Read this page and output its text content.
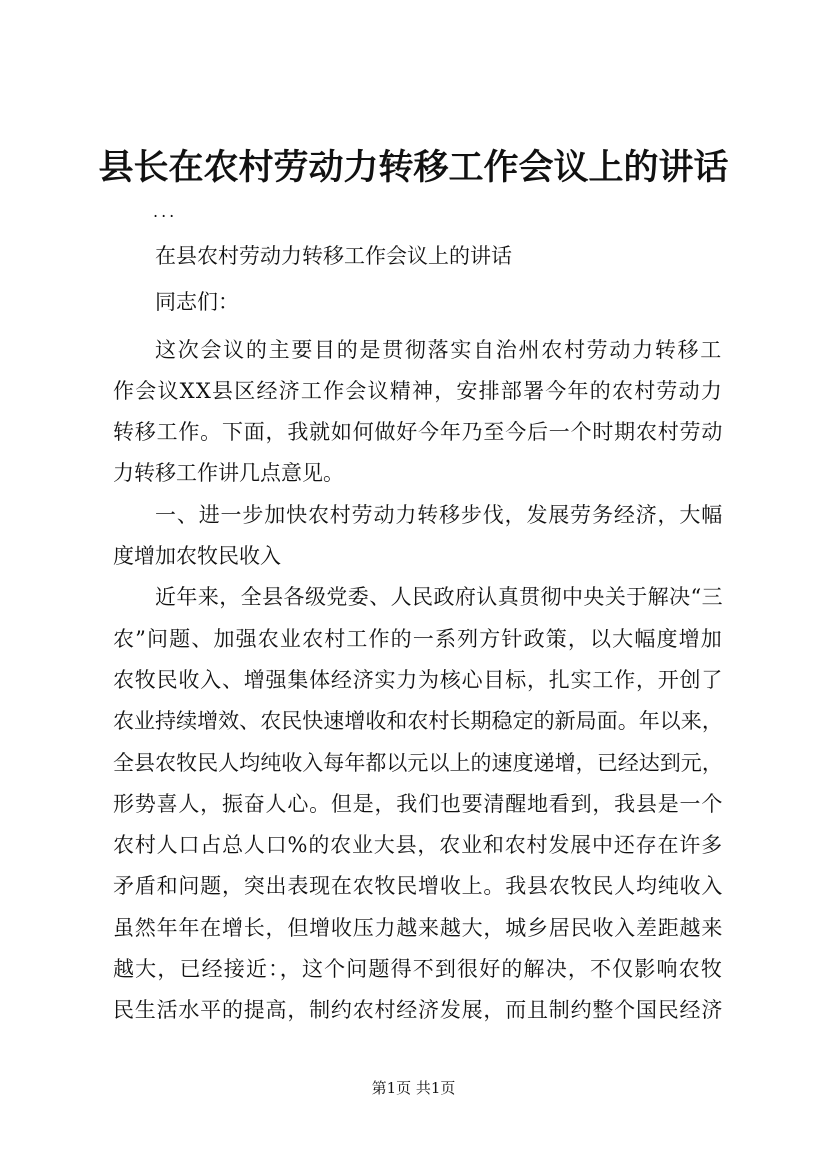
县长在农村劳动力转移工作会议上的讲话
...
在县农村劳动力转移工作会议上的讲话
同志们：
这次会议的主要目的是贯彻落实自治州农村劳动力转移工
作会议XX县区经济工作会议精神，安排部署今年的农村劳动力
转移工作。下面，我就如何做好今年乃至今后一个时期农村劳动
力转移工作讲几点意见。
一、进一步加快农村劳动力转移步伐，发展劳务经济，大幅
度增加农牧民收入
近年来，全县各级党委、人民政府认真贯彻中央关于解决“三
农”问题、加强农业农村工作的一系列方针政策，以大幅度增加
农牧民收入、增强集体经济实力为核心目标，扎实工作，开创了
农业持续增效、农民快速增收和农村长期稳定的新局面。年以来，
全县农牧民人均纯收入每年都以元以上的速度递增，已经达到元，
形势喜人，振奋人心。但是，我们也要清醒地看到，我县是一个
农村人口占总人口%的农业大县，农业和农村发展中还存在许多
矛盾和问题，突出表现在农牧民增收上。我县农牧民人均纯收入
虽然年年在增长，但增收压力越来越大，城乡居民收入差距越来
越大，已经接近：，这个问题得不到很好的解决，不仅影响农牧
民生活水平的提高，制约农村经济发展，而且制约整个国民经济
第1页 共1页
